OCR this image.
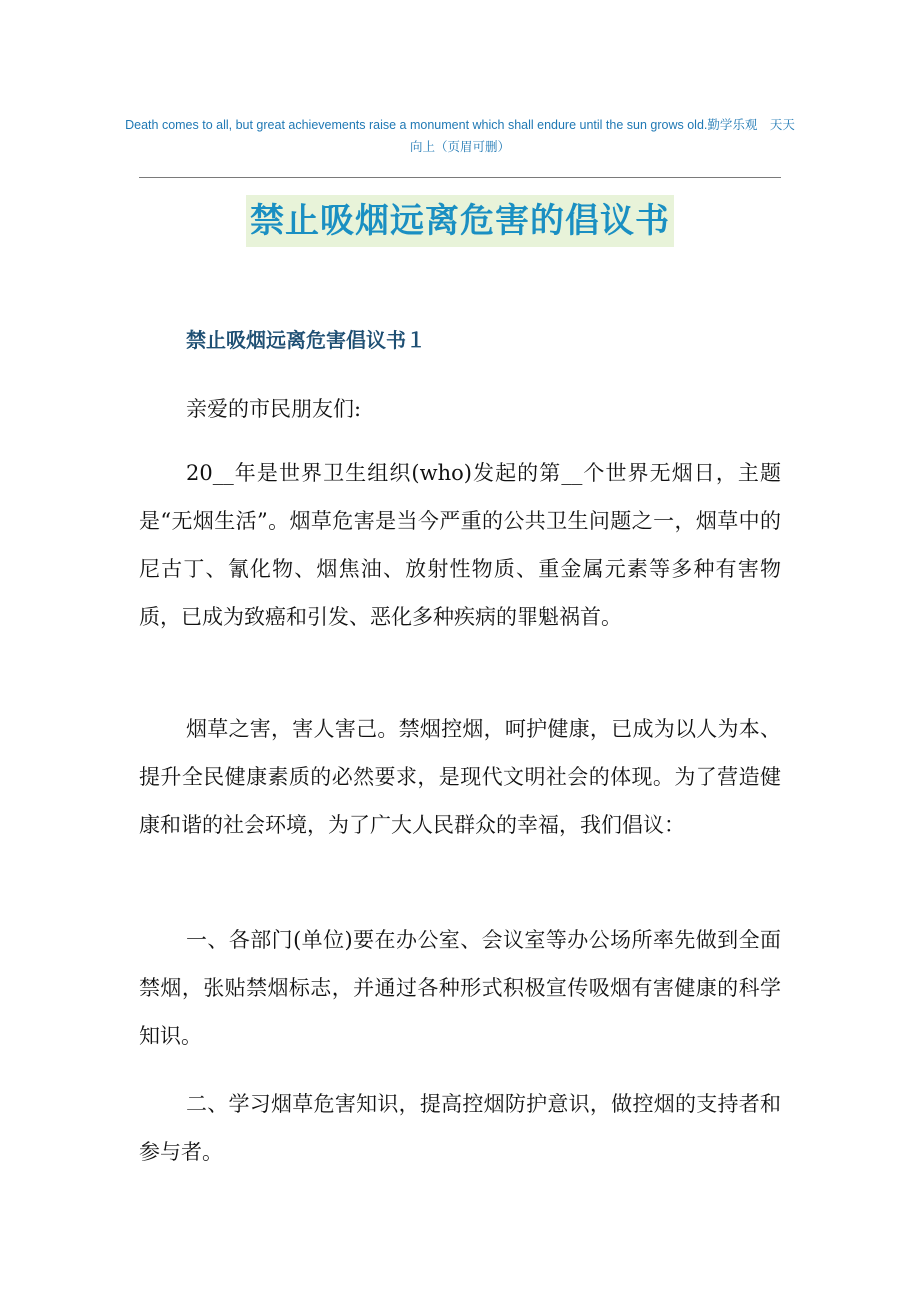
Death comes to all, but great achievements raise a monument which shall endure until the sun grows old.勤学乐观　天天向上（页眉可删）
禁止吸烟远离危害的倡议书
禁止吸烟远离危害倡议书１

亲爱的市民朋友们:

20__年是世界卫生组织(who)发起的第__个世界无烟日，主题是“无烟生活”。烟草危害是当今严重的公共卫生问题之一，烟草中的尼古丁、氰化物、烟焦油、放射性物质、重金属元素等多种有害物质，已成为致癌和引发、恶化多种疾病的罪魁祸首。

烟草之害，害人害己。禁烟控烟，呵护健康，已成为以人为本、提升全民健康素质的必然要求，是现代文明社会的体现。为了营造健康和谐的社会环境，为了广大人民群众的幸福，我们倡议：

一、各部门(单位)要在办公室、会议室等办公场所率先做到全面禁烟，张贴禁烟标志，并通过各种形式积极宣传吸烟有害健康的科学知识。

二、学习烟草危害知识，提高控烟防护意识，做控烟的支持者和参与者。
